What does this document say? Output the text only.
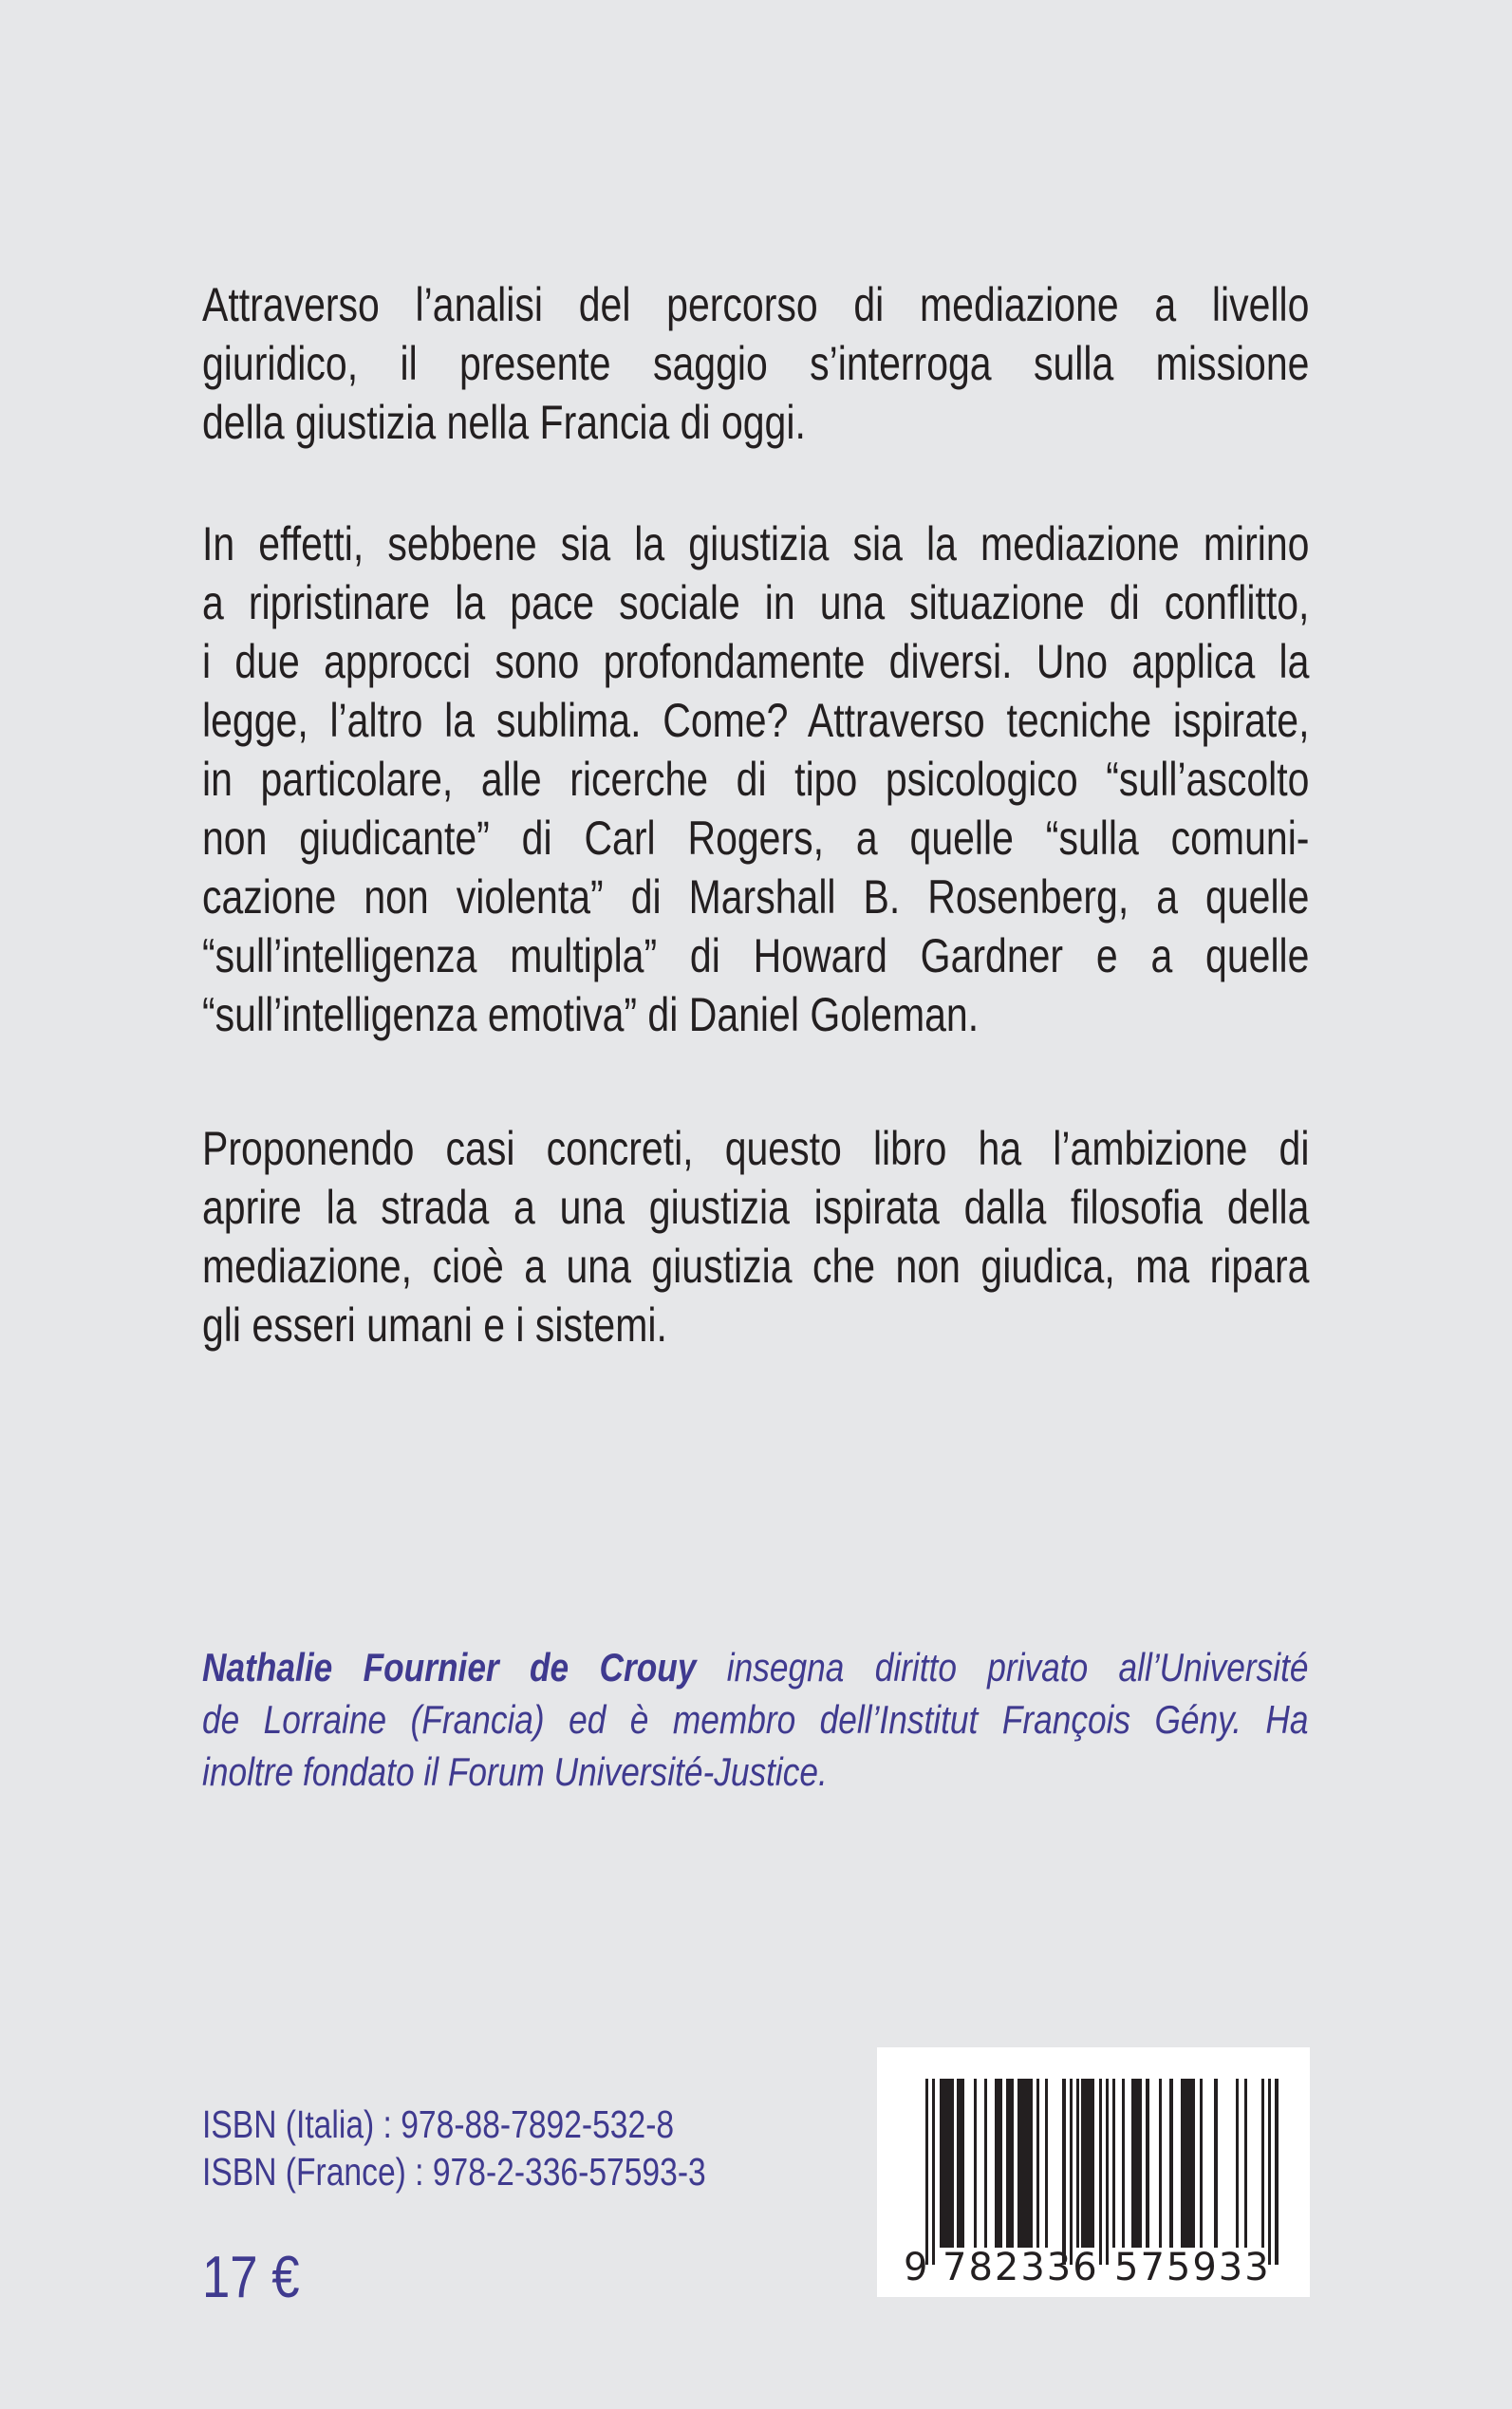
Attraverso l’analisi del percorso di mediazione a livello
giuridico, il presente saggio s’interroga sulla missione
della giustizia nella Francia di oggi.
In effetti, sebbene sia la giustizia sia la mediazione mirino
a ripristinare la pace sociale in una situazione di conflitto,
i due approcci sono profondamente diversi. Uno applica la
legge, l’altro la sublima. Come? Attraverso tecniche ispirate,
in particolare, alle ricerche di tipo psicologico “sull’ascolto
non giudicante” di Carl Rogers, a quelle “sulla comuni-
cazione non violenta” di Marshall B. Rosenberg, a quelle
“sull’intelligenza multipla” di Howard Gardner e a quelle
“sull’intelligenza emotiva” di Daniel Goleman.
Proponendo casi concreti, questo libro ha l’ambizione di
aprire la strada a una giustizia ispirata dalla filosofia della
mediazione, cioè a una giustizia che non giudica, ma ripara
gli esseri umani e i sistemi.
Nathalie Fournier de Crouy insegna diritto privato all’Université
de Lorraine (Francia) ed è membro dell’Institut François Gény. Ha
inoltre fondato il Forum Université-Justice.
ISBN (Italia) : 978-88-7892-532-8
ISBN (France) : 978-2-336-57593-3
17 €	9 782336 575933
